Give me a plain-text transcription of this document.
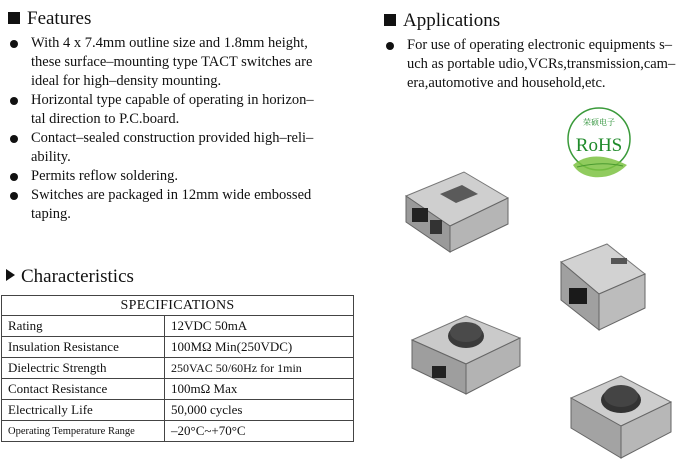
Features
With 4 x 7.4mm outline size and 1.8mm height,
these surface–mounting type TACT switches are
ideal for high–density mounting.
Horizontal type capable of operating in horizon–
tal direction to P.C.board.
Contact–sealed construction provided high–reli–
ability.
Permits reflow soldering.
Switches are packaged in 12mm wide embossed
taping.
Applications
For use of operating electronic equipments s–
uch as portable udio,VCRs,transmission,cam–
era,automotive and household,etc.
荣硕电子
RoHS
Characteristics
SPECIFICATIONS	
Rating	12VDC 50mA
Insulation Resistance	100MΩ Min(250VDC)
Dielectric Strength	250VAC 50/60Hz for 1min
Contact Resistance	100mΩ Max
Electrically Life	50,000 cycles
Operating Temperature Range	–20°C~+70°C
